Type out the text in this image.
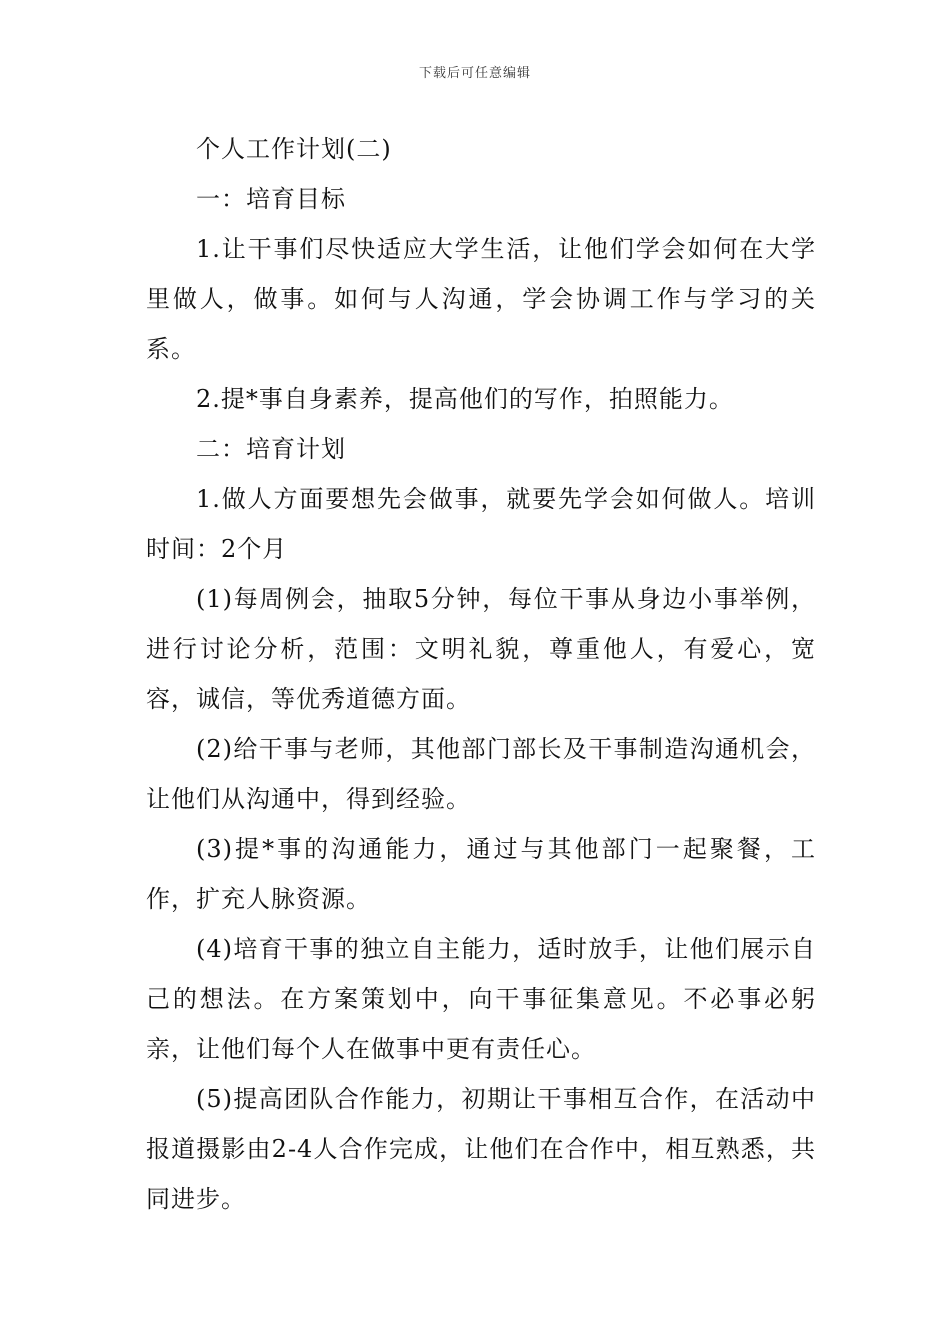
下载后可任意编辑

个人工作计划(二)

一：培育目标

1.让干事们尽快适应大学生活，让他们学会如何在大学里做人，做事。如何与人沟通，学会协调工作与学习的关系。

2.提*事自身素养，提高他们的写作，拍照能力。

二：培育计划

1.做人方面要想先会做事，就要先学会如何做人。培训时间：2个月

(1)每周例会，抽取5分钟，每位干事从身边小事举例，进行讨论分析，范围：文明礼貌，尊重他人，有爱心，宽容，诚信，等优秀道德方面。

(2)给干事与老师，其他部门部长及干事制造沟通机会，让他们从沟通中，得到经验。

(3)提*事的沟通能力，通过与其他部门一起聚餐，工作，扩充人脉资源。

(4)培育干事的独立自主能力，适时放手，让他们展示自己的想法。在方案策划中，向干事征集意见。不必事必躬亲，让他们每个人在做事中更有责任心。

(5)提高团队合作能力，初期让干事相互合作，在活动中报道摄影由2-4人合作完成，让他们在合作中，相互熟悉，共同进步。
